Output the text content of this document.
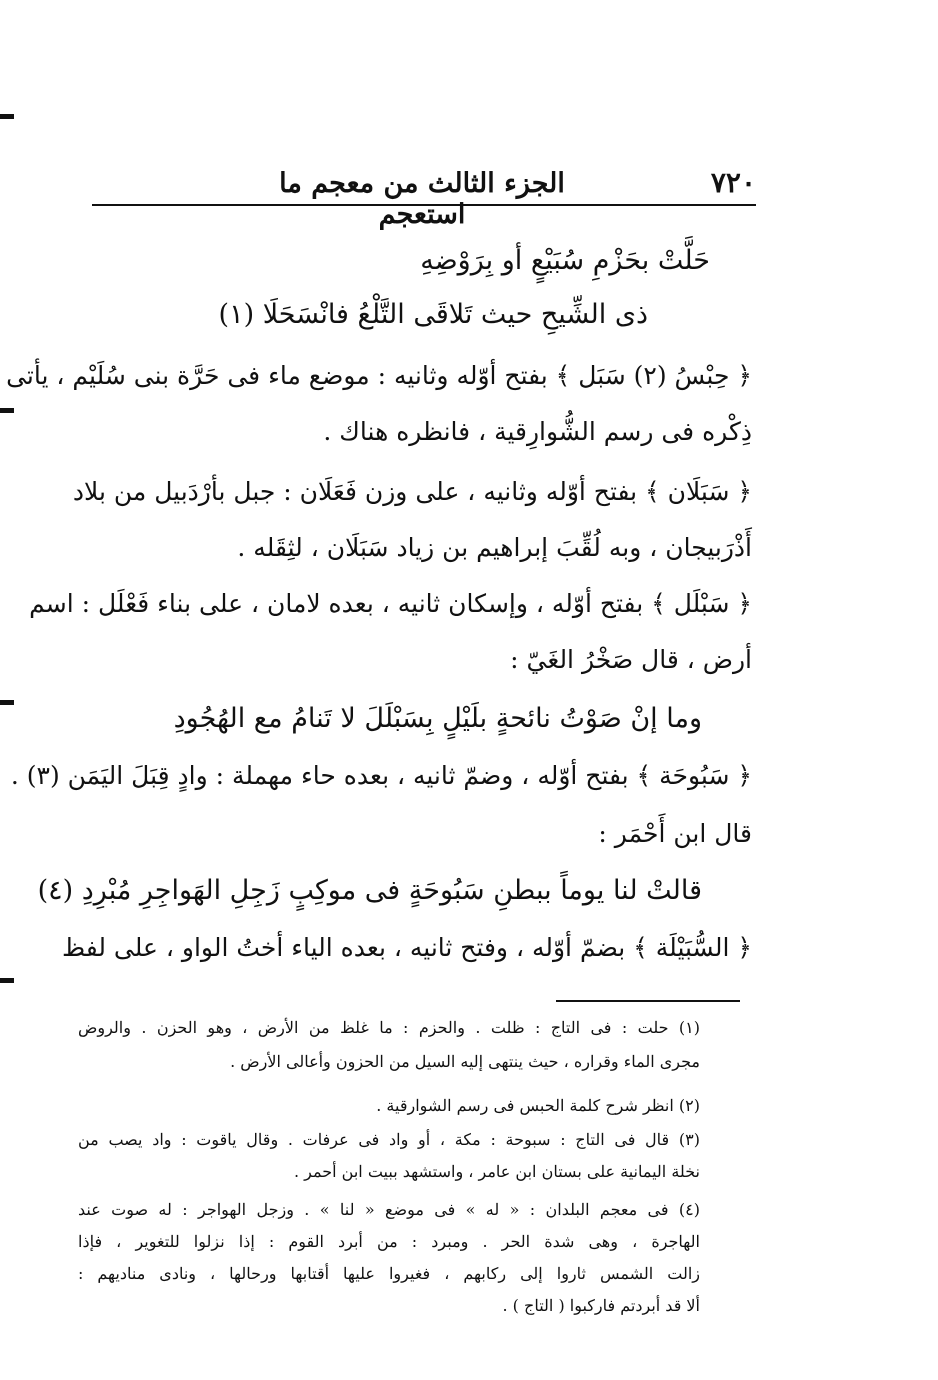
٧٢٠
الجزء الثالث من معجم ما استعجم
حَلَّتْ بحَزْمِ سُبَيْعٍ أو بِرَوْضِهِ
ذى الشِّيحِ حيث تَلاقَى التَّلْعُ فانْسَحَلَا (١)
﴿ حِبْسُ (٢) سَبَل ﴾ بفتح أوّله وثانيه : موضع ماء فى حَرَّة بنى سُلَيْم ، يأتى
ذِكْره فى رسم الشُّوارِقية ، فانظره هناك .
﴿ سَبَلَان ﴾ بفتح أوّله وثانيه ، على وزن فَعَلَان : جبل بأرْدَبيل من بلاد
أَذْرَبيجان ، وبه لُقِّبَ إبراهيم بن زياد سَبَلَان ، لثِقَله .
﴿ سَبْلَل ﴾ بفتح أوّله ، وإسكان ثانيه ، بعده لامان ، على بناء فَعْلَل : اسم
أرض ، قال صَخْرُ الغَيّ :
وما إنْ صَوْتُ نائحةٍ بلَيْلٍ بِسَبْلَلَ لا تَنامُ مع الهُجُودِ
﴿ سَبُوحَة ﴾ بفتح أوّله ، وضمّ ثانيه ، بعده حاء مهملة : وادٍ قِبَلَ اليَمَن (٣) .
قال ابن أَحْمَر :
قالتْ لنا يوماً ببطنِ سَبُوحَةٍ فى موكِبٍ زَجِلِ الهَواجِرِ مُبْرِدِ (٤)
﴿ السُّبَيْلَة ﴾ بضمّ أوّله ، وفتح ثانيه ، بعده الياء أختُ الواو ، على لفظ
(١) حلت : فى التاج : ظلت . والحزم : ما غلظ من الأرض ، وهو الحزن . والروض
مجرى الماء وقراره ، حيث ينتهى إليه السيل من الحزون وأعالى الأرض .
(٢) انظر شرح كلمة الحبس فى رسم الشوارقية .
(٣) قال فى التاج : سبوحة : مكة ، أو واد فى عرفات . وقال ياقوت : واد يصب من
نخلة اليمانية على بستان ابن عامر ، واستشهد ببيت ابن أحمر .
(٤) فى معجم البلدان : « له » فى موضع « لنا » . وزجل الهواجر : له صوت عند
الهاجرة ، وهى شدة الحر . ومبرد : من أبرد القوم : إذا نزلوا للتغوير ، فإذا
زالت الشمس ثاروا إلى ركابهم ، فغيروا عليها أقتابها ورحالها ، ونادى مناديهم :
ألا قد أبردتم فاركبوا ( التاج ) .
